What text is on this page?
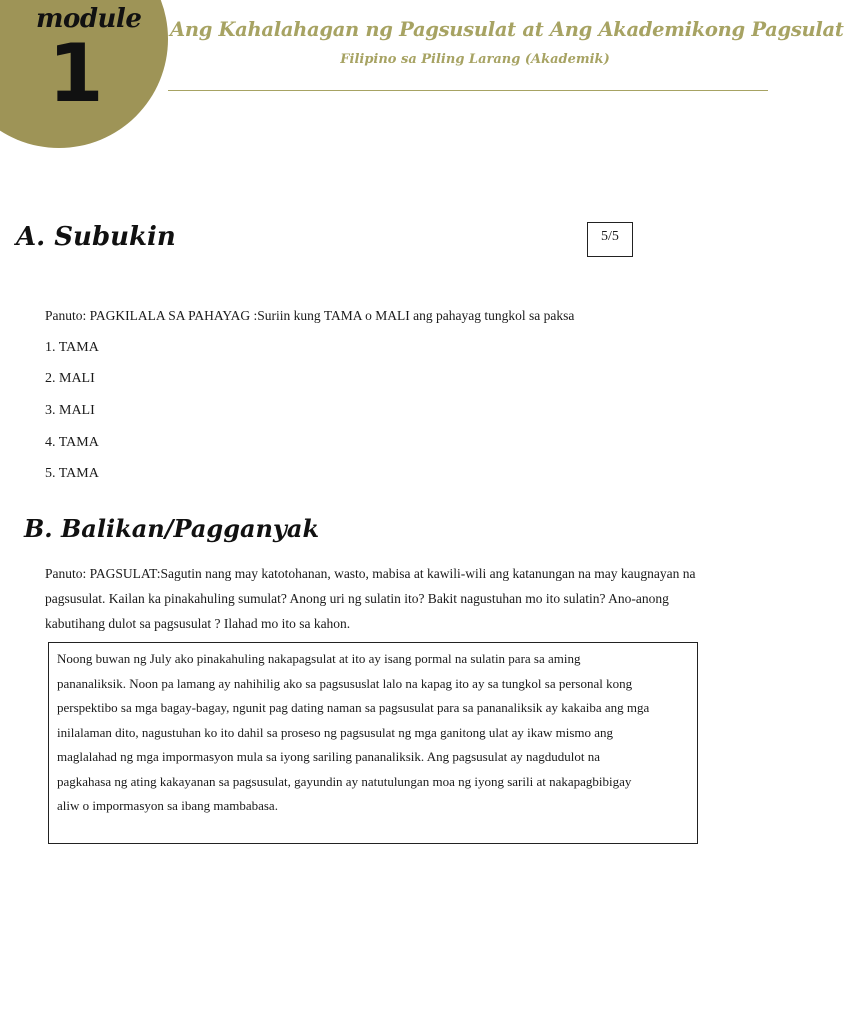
module
1	Ang Kahalahagan ng Pagsusulat at Ang Akademikong Pagsulat
Filipino sa Piling Larang (Akademik)
A. Subukin	5/5
Panuto: PAGKILALA SA PAHAYAG :Suriin kung TAMA o MALI ang pahayag tungkol sa paksa
1. TAMA
2. MALI
3. MALI
4. TAMA
5. TAMA
B. Balikan/Pagganyak
Panuto: PAGSULAT:Sagutin nang may katotohanan, wasto, mabisa at kawili-wili ang katanungan na may kaugnayan na
pagsusulat. Kailan ka pinakahuling sumulat? Anong uri ng sulatin ito? Bakit nagustuhan mo ito sulatin? Ano-anong
kabutihang dulot sa pagsusulat ? Ilahad mo ito sa kahon.
Noong buwan ng July ako pinakahuling nakapagsulat at ito ay isang pormal na sulatin para sa aming
pananaliksik. Noon pa lamang ay nahihilig ako sa pagsususlat lalo na kapag ito ay sa tungkol sa personal kong
perspektibo sa mga bagay-bagay, ngunit pag dating naman sa pagsusulat para sa pananaliksik ay kakaiba ang mga
inilalaman dito, nagustuhan ko ito dahil sa proseso ng pagsusulat ng mga ganitong ulat ay ikaw mismo ang
maglalahad ng mga impormasyon mula sa iyong sariling pananaliksik. Ang pagsusulat ay nagdudulot na
pagkahasa ng ating kakayanan sa pagsusulat, gayundin ay natutulungan moa ng iyong sarili at nakapagbibigay
aliw o impormasyon sa ibang mambabasa.
